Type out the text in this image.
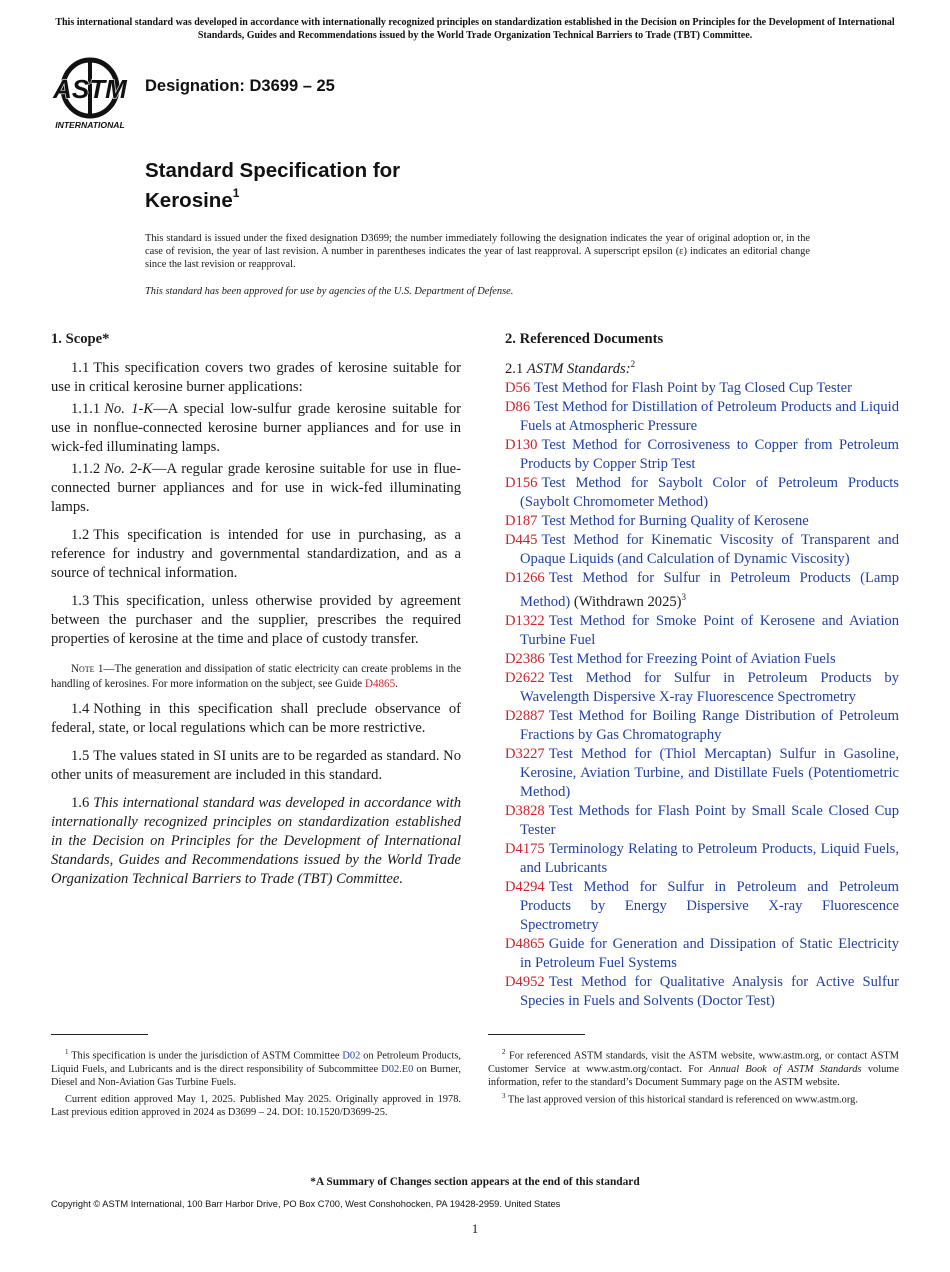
This international standard was developed in accordance with internationally recognized principles on standardization established in the Decision on Principles for the Development of International Standards, Guides and Recommendations issued by the World Trade Organization Technical Barriers to Trade (TBT) Committee.
ASTM
INTERNATIONAL
Designation: D3699 – 25
Standard Specification for
Kerosine$^1$
This standard is issued under the fixed designation D3699; the number immediately following the designation indicates the year of original adoption or, in the case of revision, the year of last revision. A number in parentheses indicates the year of last reapproval. A superscript epsilon (ε) indicates an editorial change since the last revision or reapproval.
This standard has been approved for use by agencies of the U.S. Department of Defense.
1. Scope*

1.1 This specification covers two grades of kerosine suitable for use in critical kerosine burner applications:

1.1.1 No. 1-K—A special low-sulfur grade kerosine suitable for use in nonflue-connected kerosine burner appliances and for use in wick-fed illuminating lamps.

1.1.2 No. 2-K—A regular grade kerosine suitable for use in flue-connected burner appliances and for use in wick-fed illuminating lamps.

1.2 This specification is intended for use in purchasing, as a reference for industry and governmental standardization, and as a source of technical information.

1.3 This specification, unless otherwise provided by agreement between the purchaser and the supplier, prescribes the required properties of kerosine at the time and place of custody transfer.

Note 1—The generation and dissipation of static electricity can create problems in the handling of kerosines. For more information on the subject, see Guide D4865.

1.4 Nothing in this specification shall preclude observance of federal, state, or local regulations which can be more restrictive.

1.5 The values stated in SI units are to be regarded as standard. No other units of measurement are included in this standard.

1.6 This international standard was developed in accordance with internationally recognized principles on standardization established in the Decision on Principles for the Development of International Standards, Guides and Recommendations issued by the World Trade Organization Technical Barriers to Trade (TBT) Committee.

2. Referenced Documents

2.1 ASTM Standards:$^2$

D56 Test Method for Flash Point by Tag Closed Cup Tester

D86 Test Method for Distillation of Petroleum Products and Liquid Fuels at Atmospheric Pressure

D130 Test Method for Corrosiveness to Copper from Petroleum Products by Copper Strip Test

D156 Test Method for Saybolt Color of Petroleum Products (Saybolt Chromometer Method)

D187 Test Method for Burning Quality of Kerosene

D445 Test Method for Kinematic Viscosity of Transparent and Opaque Liquids (and Calculation of Dynamic Viscosity)

D1266 Test Method for Sulfur in Petroleum Products (Lamp Method) (Withdrawn 2025)$^3$

D1322 Test Method for Smoke Point of Kerosene and Aviation Turbine Fuel

D2386 Test Method for Freezing Point of Aviation Fuels

D2622 Test Method for Sulfur in Petroleum Products by Wavelength Dispersive X-ray Fluorescence Spectrometry

D2887 Test Method for Boiling Range Distribution of Petroleum Fractions by Gas Chromatography

D3227 Test Method for (Thiol Mercaptan) Sulfur in Gasoline, Kerosine, Aviation Turbine, and Distillate Fuels (Potentiometric Method)

D3828 Test Methods for Flash Point by Small Scale Closed Cup Tester

D4175 Terminology Relating to Petroleum Products, Liquid Fuels, and Lubricants

D4294 Test Method for Sulfur in Petroleum and Petroleum Products by Energy Dispersive X-ray Fluorescence Spectrometry

D4865 Guide for Generation and Dissipation of Static Electricity in Petroleum Fuel Systems

D4952 Test Method for Qualitative Analysis for Active Sulfur Species in Fuels and Solvents (Doctor Test)

$^1$ This specification is under the jurisdiction of ASTM Committee D02 on Petroleum Products, Liquid Fuels, and Lubricants and is the direct responsibility of Subcommittee D02.E0 on Burner, Diesel and Non-Aviation Gas Turbine Fuels.

Current edition approved May 1, 2025. Published May 2025. Originally approved in 1978. Last previous edition approved in 2024 as D3699 – 24. DOI: 10.1520/D3699-25.

$^2$ For referenced ASTM standards, visit the ASTM website, www.astm.org, or contact ASTM Customer Service at www.astm.org/contact. For Annual Book of ASTM Standards volume information, refer to the standard’s Document Summary page on the ASTM website.

$^3$ The last approved version of this historical standard is referenced on www.astm.org.

*A Summary of Changes section appears at the end of this standard
Copyright © ASTM International, 100 Barr Harbor Drive, PO Box C700, West Conshohocken, PA 19428-2959. United States
1
